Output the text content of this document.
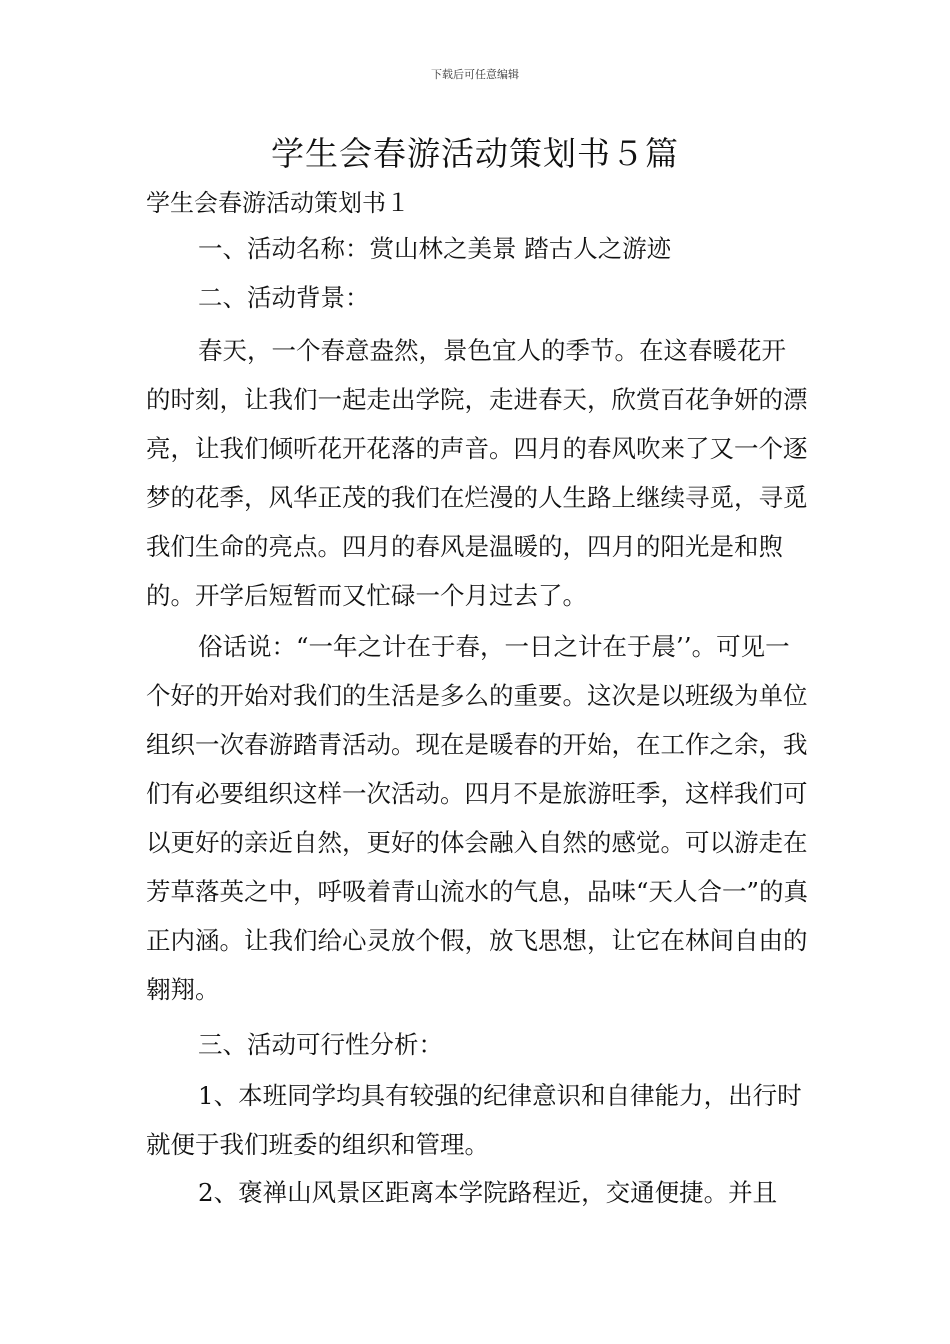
下载后可任意编辑
学生会春游活动策划书５篇
学生会春游活动策划书１

一、活动名称：赏山林之美景 踏古人之游迹

二、活动背景：

春天，一个春意盎然，景色宜人的季节。在这春暖花开的时刻，让我们一起走出学院，走进春天，欣赏百花争妍的漂亮，让我们倾听花开花落的声音。四月的春风吹来了又一个逐梦的花季，风华正茂的我们在烂漫的人生路上继续寻觅，寻觅我们生命的亮点。四月的春风是温暖的，四月的阳光是和煦的。开学后短暂而又忙碌一个月过去了。

俗话说：“一年之计在于春，一日之计在于晨’’。可见一个好的开始对我们的生活是多么的重要。这次是以班级为单位组织一次春游踏青活动。现在是暖春的开始，在工作之余，我们有必要组织这样一次活动。四月不是旅游旺季，这样我们可以更好的亲近自然，更好的体会融入自然的感觉。可以游走在芳草落英之中，呼吸着青山流水的气息，品味“天人合一”的真正内涵。让我们给心灵放个假，放飞思想，让它在林间自由的翱翔。

三、活动可行性分析：

1、本班同学均具有较强的纪律意识和自律能力，出行时就便于我们班委的组织和管理。

2、褒禅山风景区距离本学院路程近，交通便捷。并且
